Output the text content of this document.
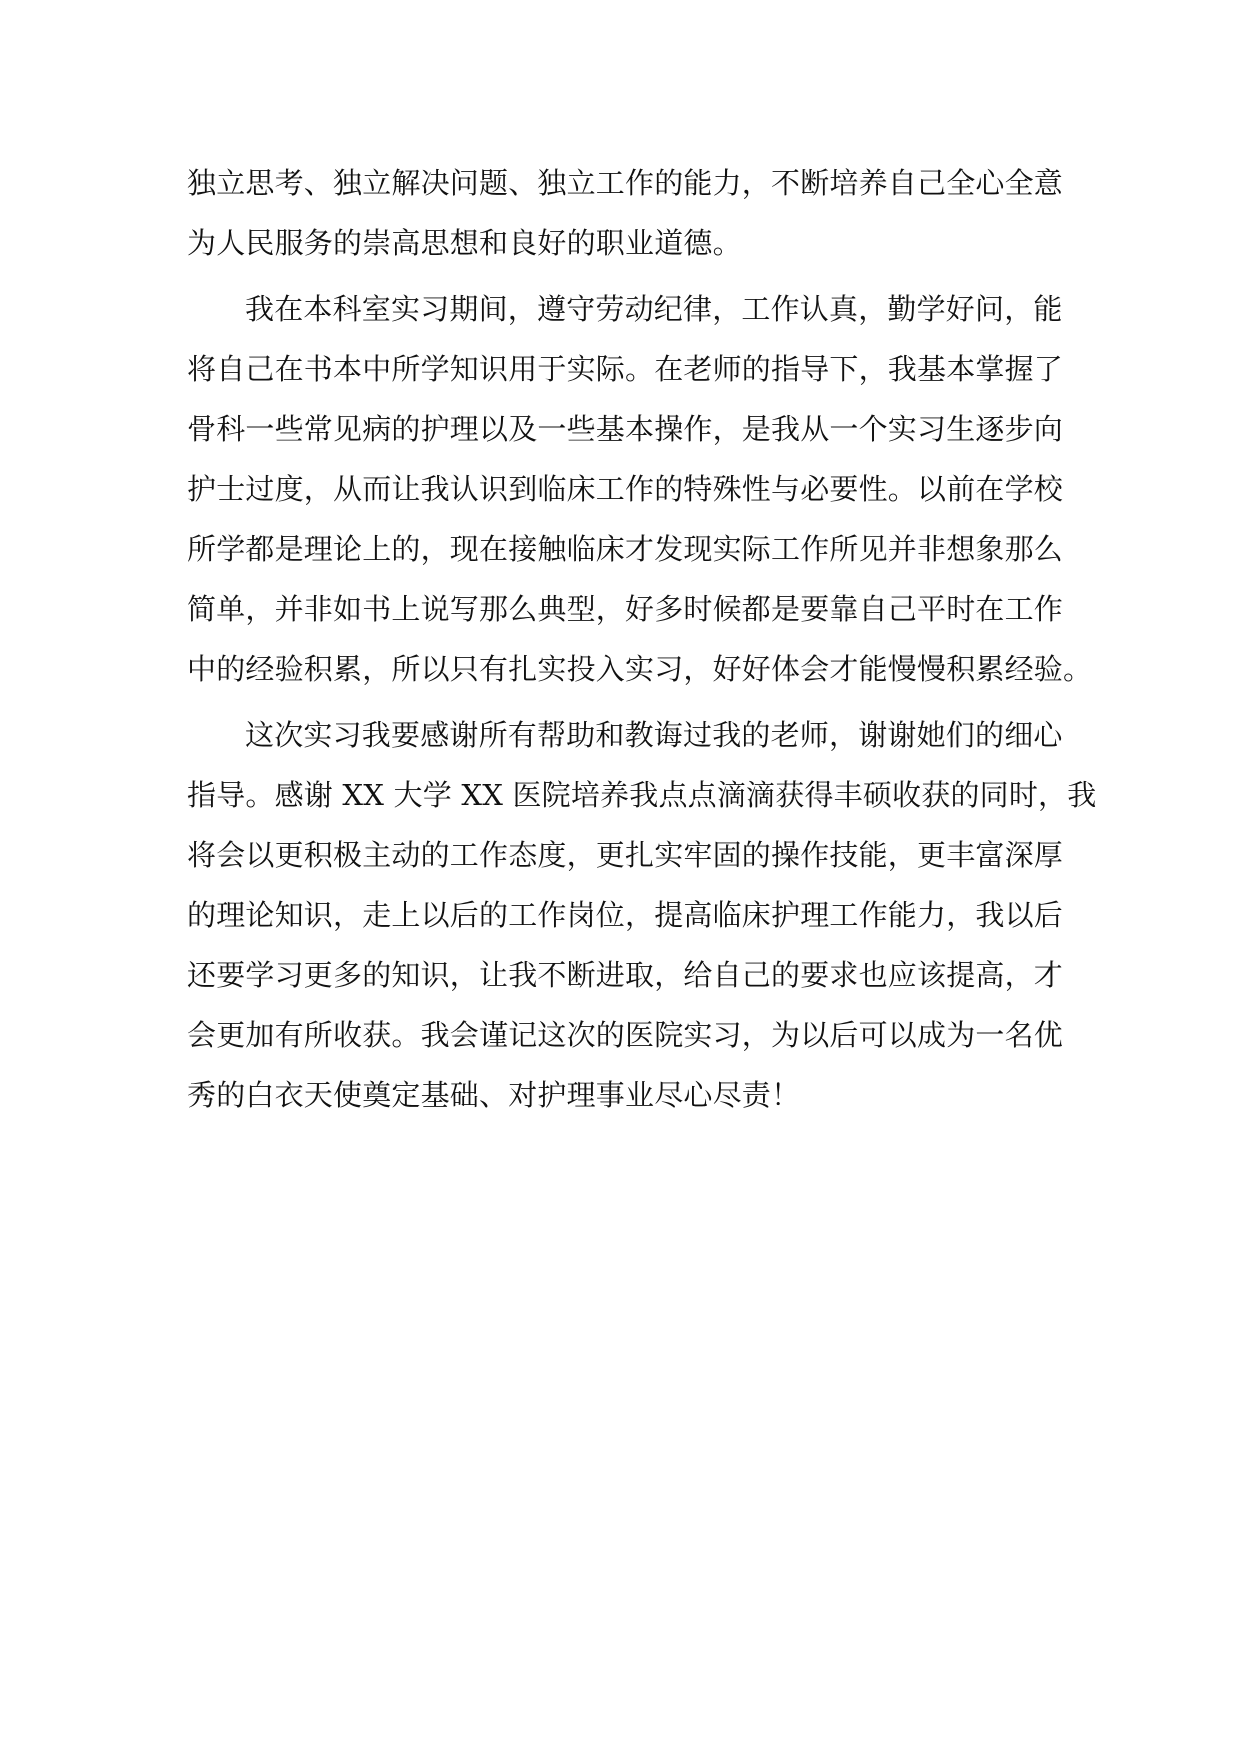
独立思考、独立解决问题、独立工作的能力，不断培养自己全心全意
为人民服务的崇高思想和良好的职业道德。
我在本科室实习期间，遵守劳动纪律，工作认真，勤学好问，能
将自己在书本中所学知识用于实际。在老师的指导下，我基本掌握了
骨科一些常见病的护理以及一些基本操作，是我从一个实习生逐步向
护士过度，从而让我认识到临床工作的特殊性与必要性。以前在学校
所学都是理论上的，现在接触临床才发现实际工作所见并非想象那么
简单，并非如书上说写那么典型，好多时候都是要靠自己平时在工作
中的经验积累，所以只有扎实投入实习，好好体会才能慢慢积累经验。
这次实习我要感谢所有帮助和教诲过我的老师，谢谢她们的细心
指导。感谢 XX 大学 XX 医院培养我点点滴滴获得丰硕收获的同时，我
将会以更积极主动的工作态度，更扎实牢固的操作技能，更丰富深厚
的理论知识，走上以后的工作岗位，提高临床护理工作能力，我以后
还要学习更多的知识，让我不断进取，给自己的要求也应该提高，才
会更加有所收获。我会谨记这次的医院实习，为以后可以成为一名优
秀的白衣天使奠定基础、对护理事业尽心尽责！
